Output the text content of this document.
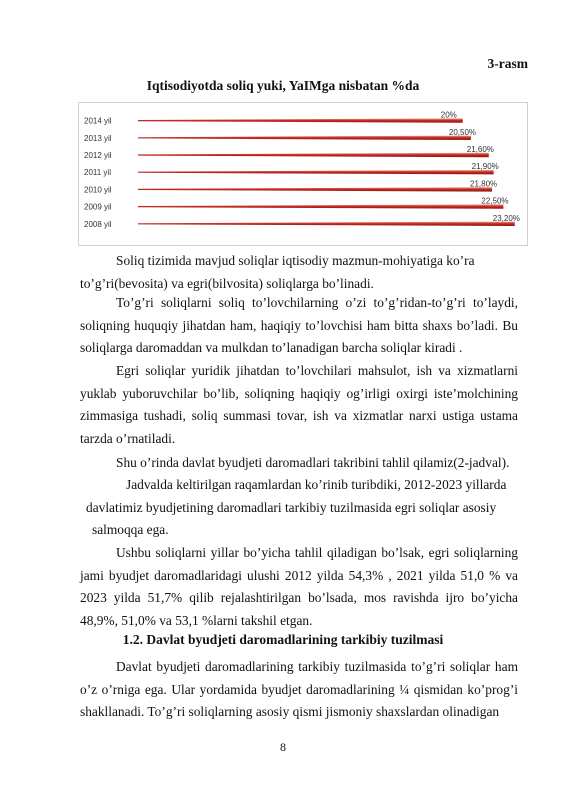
3-rasm
Iqtisodiyotda soliq yuki, YaIMga nisbatan %da
2014 yil
20%
2013 yil
20,50%
2012 yil
21,60%
2011 yil
21,90%
2010 yil
21,80%
2009 yil
22,50%
2008 yil
23,20%
Soliq tizimida mavjud soliqlar iqtisodiy mazmun-mohiyatiga ko’ra
to’g’ri(bevosita) va egri(bilvosita) soliqlarga bo’linadi.
To’g’ri soliqlarni soliq to’lovchilarning o’zi to’g’ridan-to’g’ri to’laydi,
soliqning huquqiy jihatdan ham, haqiqiy to’lovchisi ham bitta shaxs bo’ladi. Bu
soliqlarga daromaddan va mulkdan to’lanadigan barcha soliqlar kiradi .
Egri soliqlar yuridik jihatdan to’lovchilari mahsulot, ish va xizmatlarni
yuklab yuboruvchilar bo’lib, soliqning haqiqiy og’irligi oxirgi iste’molchining
zimmasiga tushadi, soliq summasi tovar, ish va xizmatlar narxi ustiga ustama
tarzda o’rnatiladi.
Shu o’rinda davlat byudjeti daromadlari takribini tahlil qilamiz(2-jadval).
Jadvalda keltirilgan raqamlardan ko’rinib turibdiki, 2012-2023 yillarda
davlatimiz byudjetining daromadlari tarkibiy tuzilmasida egri soliqlar asosiy
salmoqqa ega.
Ushbu soliqlarni yillar bo’yicha tahlil qiladigan bo’lsak, egri soliqlarning
jami byudjet daromadlaridagi ulushi 2012 yilda 54,3% , 2021 yilda 51,0 % va
2023 yilda 51,7% qilib rejalashtirilgan bo’lsada, mos ravishda ijro bo’yicha
48,9%, 51,0% va 53,1 %larni takshil etgan.
Davlat byudjeti daromadlarining tarkibiy tuzilmasida to’g’ri soliqlar ham
o’z o’rniga ega. Ular yordamida byudjet daromadlarining ¼ qismidan ko’prog’i
shakllanadi. To’g’ri soliqlarning asosiy qismi jismoniy shaxslardan olinadigan
1.2. Davlat byudjeti daromadlarining tarkibiy tuzilmasi
8
